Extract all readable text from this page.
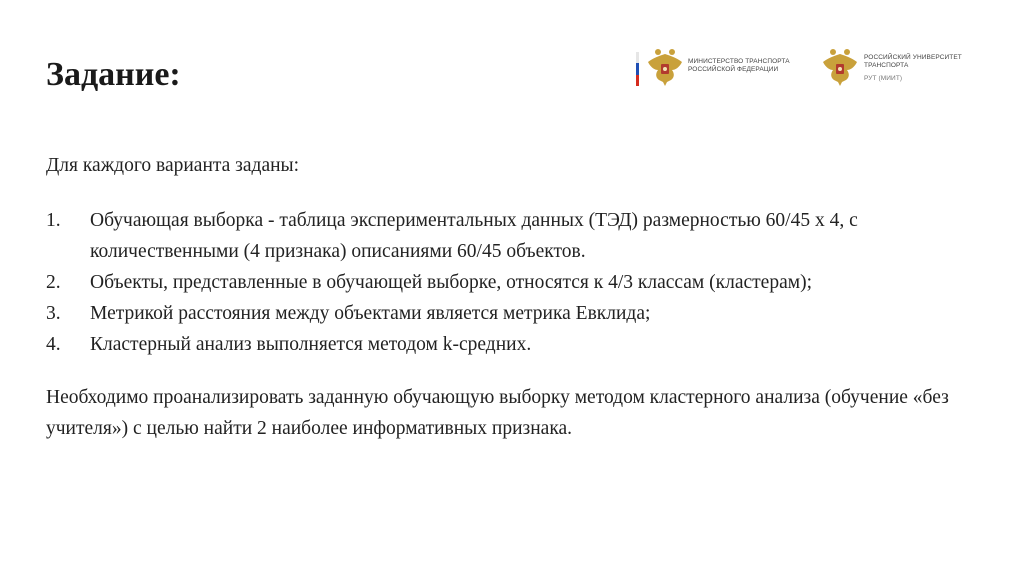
Задание:	МИНИСТЕРСТВО ТРАНСПОРТА
РОССИЙСКОЙ ФЕДЕРАЦИИ
РОССИЙСКИЙ УНИВЕРСИТЕТ
ТРАНСПОРТА
РУТ (МИИТ)

Для каждого варианта заданы:

1. Обучающая выборка - таблица экспериментальных данных (ТЭД) размерностью 60/45 х 4, с количественными (4 признака) описаниями 60/45 объектов.
2. Объекты, представленные в обучающей выборке, относятся к 4/3 классам (кластерам);
3. Метрикой расстояния между объектами является метрика Евклида;
4. Кластерный анализ выполняется методом k-средних.

Необходимо проанализировать заданную обучающую выборку методом кластерного анализа (обучение «без учителя») с целью найти 2 наиболее информативных признака.
